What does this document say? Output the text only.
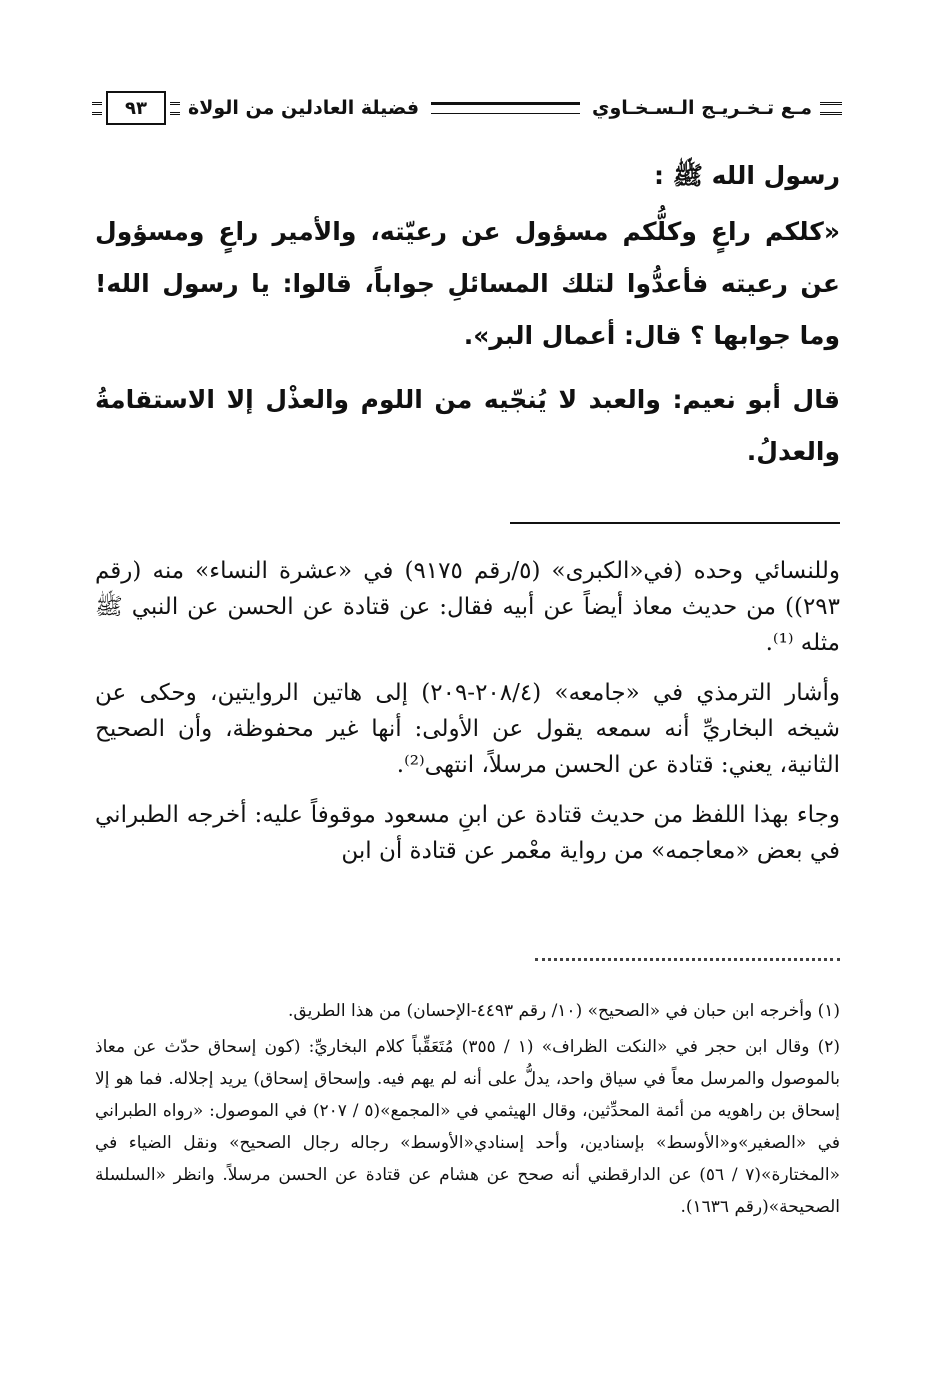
مـع تـخـريـج الـسـخـاوي
فضيلة العادلين من الولاة
٩٣

رسول الله ﷺ :

«كلكم راعٍ وكلُّكم مسؤول عن رعيّته، والأمير راعٍ ومسؤول عن رعيته فأعدُّوا لتلك المسائلِ جواباً، قالوا: يا رسول الله! وما جوابها ؟ قال: أعمال البر».

قال أبو نعيم: والعبد لا يُنجّيه من اللوم والعذْل إلا الاستقامةُ والعدلُ.

وللنسائي وحده (في«الكبرى» (٥/رقم ٩١٧٥) في «عشرة النساء» منه (رقم ٢٩٣)) من حديث معاذ أيضاً عن أبيه فقال: عن قتادة عن الحسن عن النبي ﷺ مثله ⁽¹⁾.

وأشار الترمذي في «جامعه» (٢٠٨/٤-٢٠٩) إلى هاتين الروايتين، وحكى عن شيخه البخاريِّ أنه سمعه يقول عن الأولى: أنها غير محفوظة، وأن الصحيح الثانية، يعني: قتادة عن الحسن مرسلاً، انتهى⁽²⁾.

وجاء بهذا اللفظ من حديث قتادة عن ابنِ مسعود موقوفاً عليه: أخرجه الطبراني في بعض «معاجمه» من رواية معْمر عن قتادة أن ابن

(١) وأخرجه ابن حبان في «الصحيح» (١٠/ رقم ٤٤٩٣-الإحسان) من هذا الطريق.

(٢) وقال ابن حجر في «النكت الظراف» (١ / ٣٥٥) مُتَعَقِّباً كلام البخاريِّ: (كون إسحاق حدّث عن معاذ بالموصول والمرسل معاً في سياق واحد، يدلُّ على أنه لم يهم فيه. وإسحاق إسحاق) يريد إجلاله. فما هو إلا إسحاق بن راهويه من أئمة المحدِّثين، وقال الهيثمي في «المجمع»(٥ / ٢٠٧) في الموصول: «رواه الطبراني في «الصغير»و«الأوسط» بإسنادين، وأحد إسنادي«الأوسط» رجاله رجال الصحيح» ونقل الضياء في «المختارة»(٧ / ٥٦) عن الدارقطني أنه صحح عن هشام عن قتادة عن الحسن مرسلاً. وانظر «السلسلة الصحيحة»(رقم ١٦٣٦).
